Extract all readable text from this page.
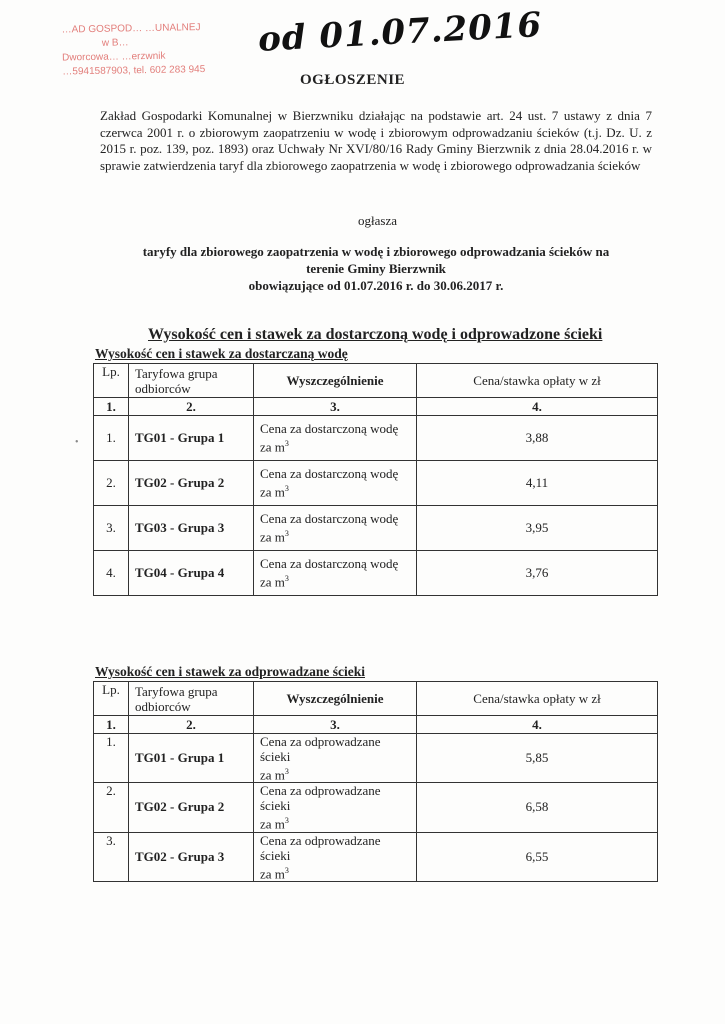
…AD GOSPOD… …UNALNEJ
w B…
Dworcowa… …erzwnik
…5941587903, tel. 602 283 945
od 01.07.2016
OGŁOSZENIE
Zakład Gospodarki Komunalnej w Bierzwniku działając na podstawie art. 24 ust. 7 ustawy z dnia 7 czerwca 2001 r. o zbiorowym zaopatrzeniu w wodę i zbiorowym odprowadzaniu ścieków (t.j. Dz. U. z 2015 r. poz. 139, poz. 1893) oraz Uchwały Nr XVI/80/16 Rady Gminy Bierzwnik z dnia 28.04.2016 r. w sprawie zatwierdzenia taryf dla zbiorowego zaopatrzenia w wodę i zbiorowego odprowadzania ścieków
ogłasza
taryfy dla zbiorowego zaopatrzenia w wodę i zbiorowego odprowadzania ścieków na
terenie Gminy Bierzwnik
obowiązujące od 01.07.2016 r. do 30.06.2017 r.
Wysokość cen i stawek za dostarczoną wodę i odprowadzone ścieki
Wysokość cen i stawek za dostarczaną wodę
•
Lp.	Taryfowa grupa odbiorców	Wyszczególnienie	Cena/stawka opłaty w zł
1.	2.	3.	4.
1.	TG01 - Grupa 1	Cena za dostarczoną wodę
za $m^3$	3,88
2.	TG02 - Grupa 2	Cena za dostarczoną wodę
za $m^3$	4,11
3.	TG03 - Grupa 3	Cena za dostarczoną wodę
za $m^3$	3,95
4.	TG04 - Grupa 4	Cena za dostarczoną wodę
za $m^3$	3,76
Wysokość cen i stawek za odprowadzane ścieki
Lp.	Taryfowa grupa odbiorców	Wyszczególnienie	Cena/stawka opłaty w zł
1.	2.	3.	4.
1.	TG01 - Grupa 1	Cena za odprowadzane ścieki
za $m^3$	5,85
2.	TG02 - Grupa 2	Cena za odprowadzane ścieki
za $m^3$	6,58
3.	TG02 - Grupa 3	Cena za odprowadzane ścieki
za $m^3$	6,55
